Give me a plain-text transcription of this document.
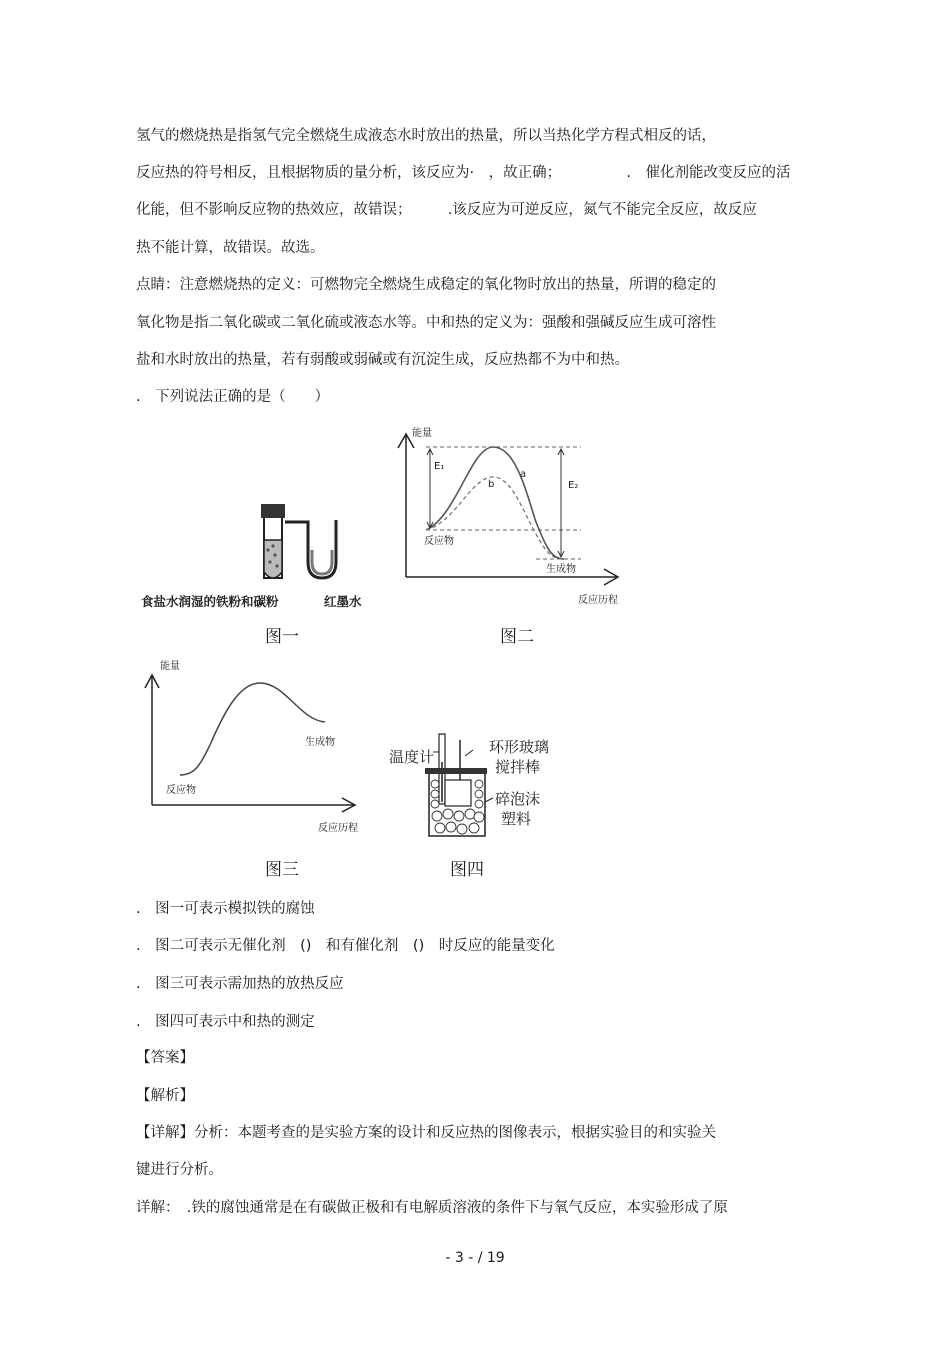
氢气的燃烧热是指氢气完全燃烧生成液态水时放出的热量，所以当热化学方程式相反的话，
反应热的符号相反，且根据物质的量分析，该反应为·　，故正确；　　　　　.　催化剂能改变反应的活
化能，但不影响反应物的热效应，故错误；　　　.该反应为可逆反应，氮气不能完全反应，故反应
热不能计算，故错误。故选。
点睛：注意燃烧热的定义：可燃物完全燃烧生成稳定的氧化物时放出的热量，所谓的稳定的
氧化物是指二氧化碳或二氧化硫或液态水等。中和热的定义为：强酸和强碱反应生成可溶性
盐和水时放出的热量，若有弱酸或弱碱或有沉淀生成，反应热都不为中和热。
.　下列说法正确的是（　　）
食盐水润湿的铁粉和碳粉	红墨水
图一
能量
E₁
E₂
a
b
反应物
生成物
反应历程
图二
能量
生成物
反应物
反应历程
图三
温度计
环形玻璃
搅拌棒
碎泡沫
塑料
图四
.　图一可表示模拟铁的腐蚀
.　图二可表示无催化剂　()　和有催化剂　()　时反应的能量变化
.　图三可表示需加热的放热反应
.　图四可表示中和热的测定
【答案】
【解析】
【详解】分析：本题考查的是实验方案的设计和反应热的图像表示，根据实验目的和实验关
键进行分析。
详解：　.铁的腐蚀通常是在有碳做正极和有电解质溶液的条件下与氧气反应，本实验形成了原
- 3 - / 19
